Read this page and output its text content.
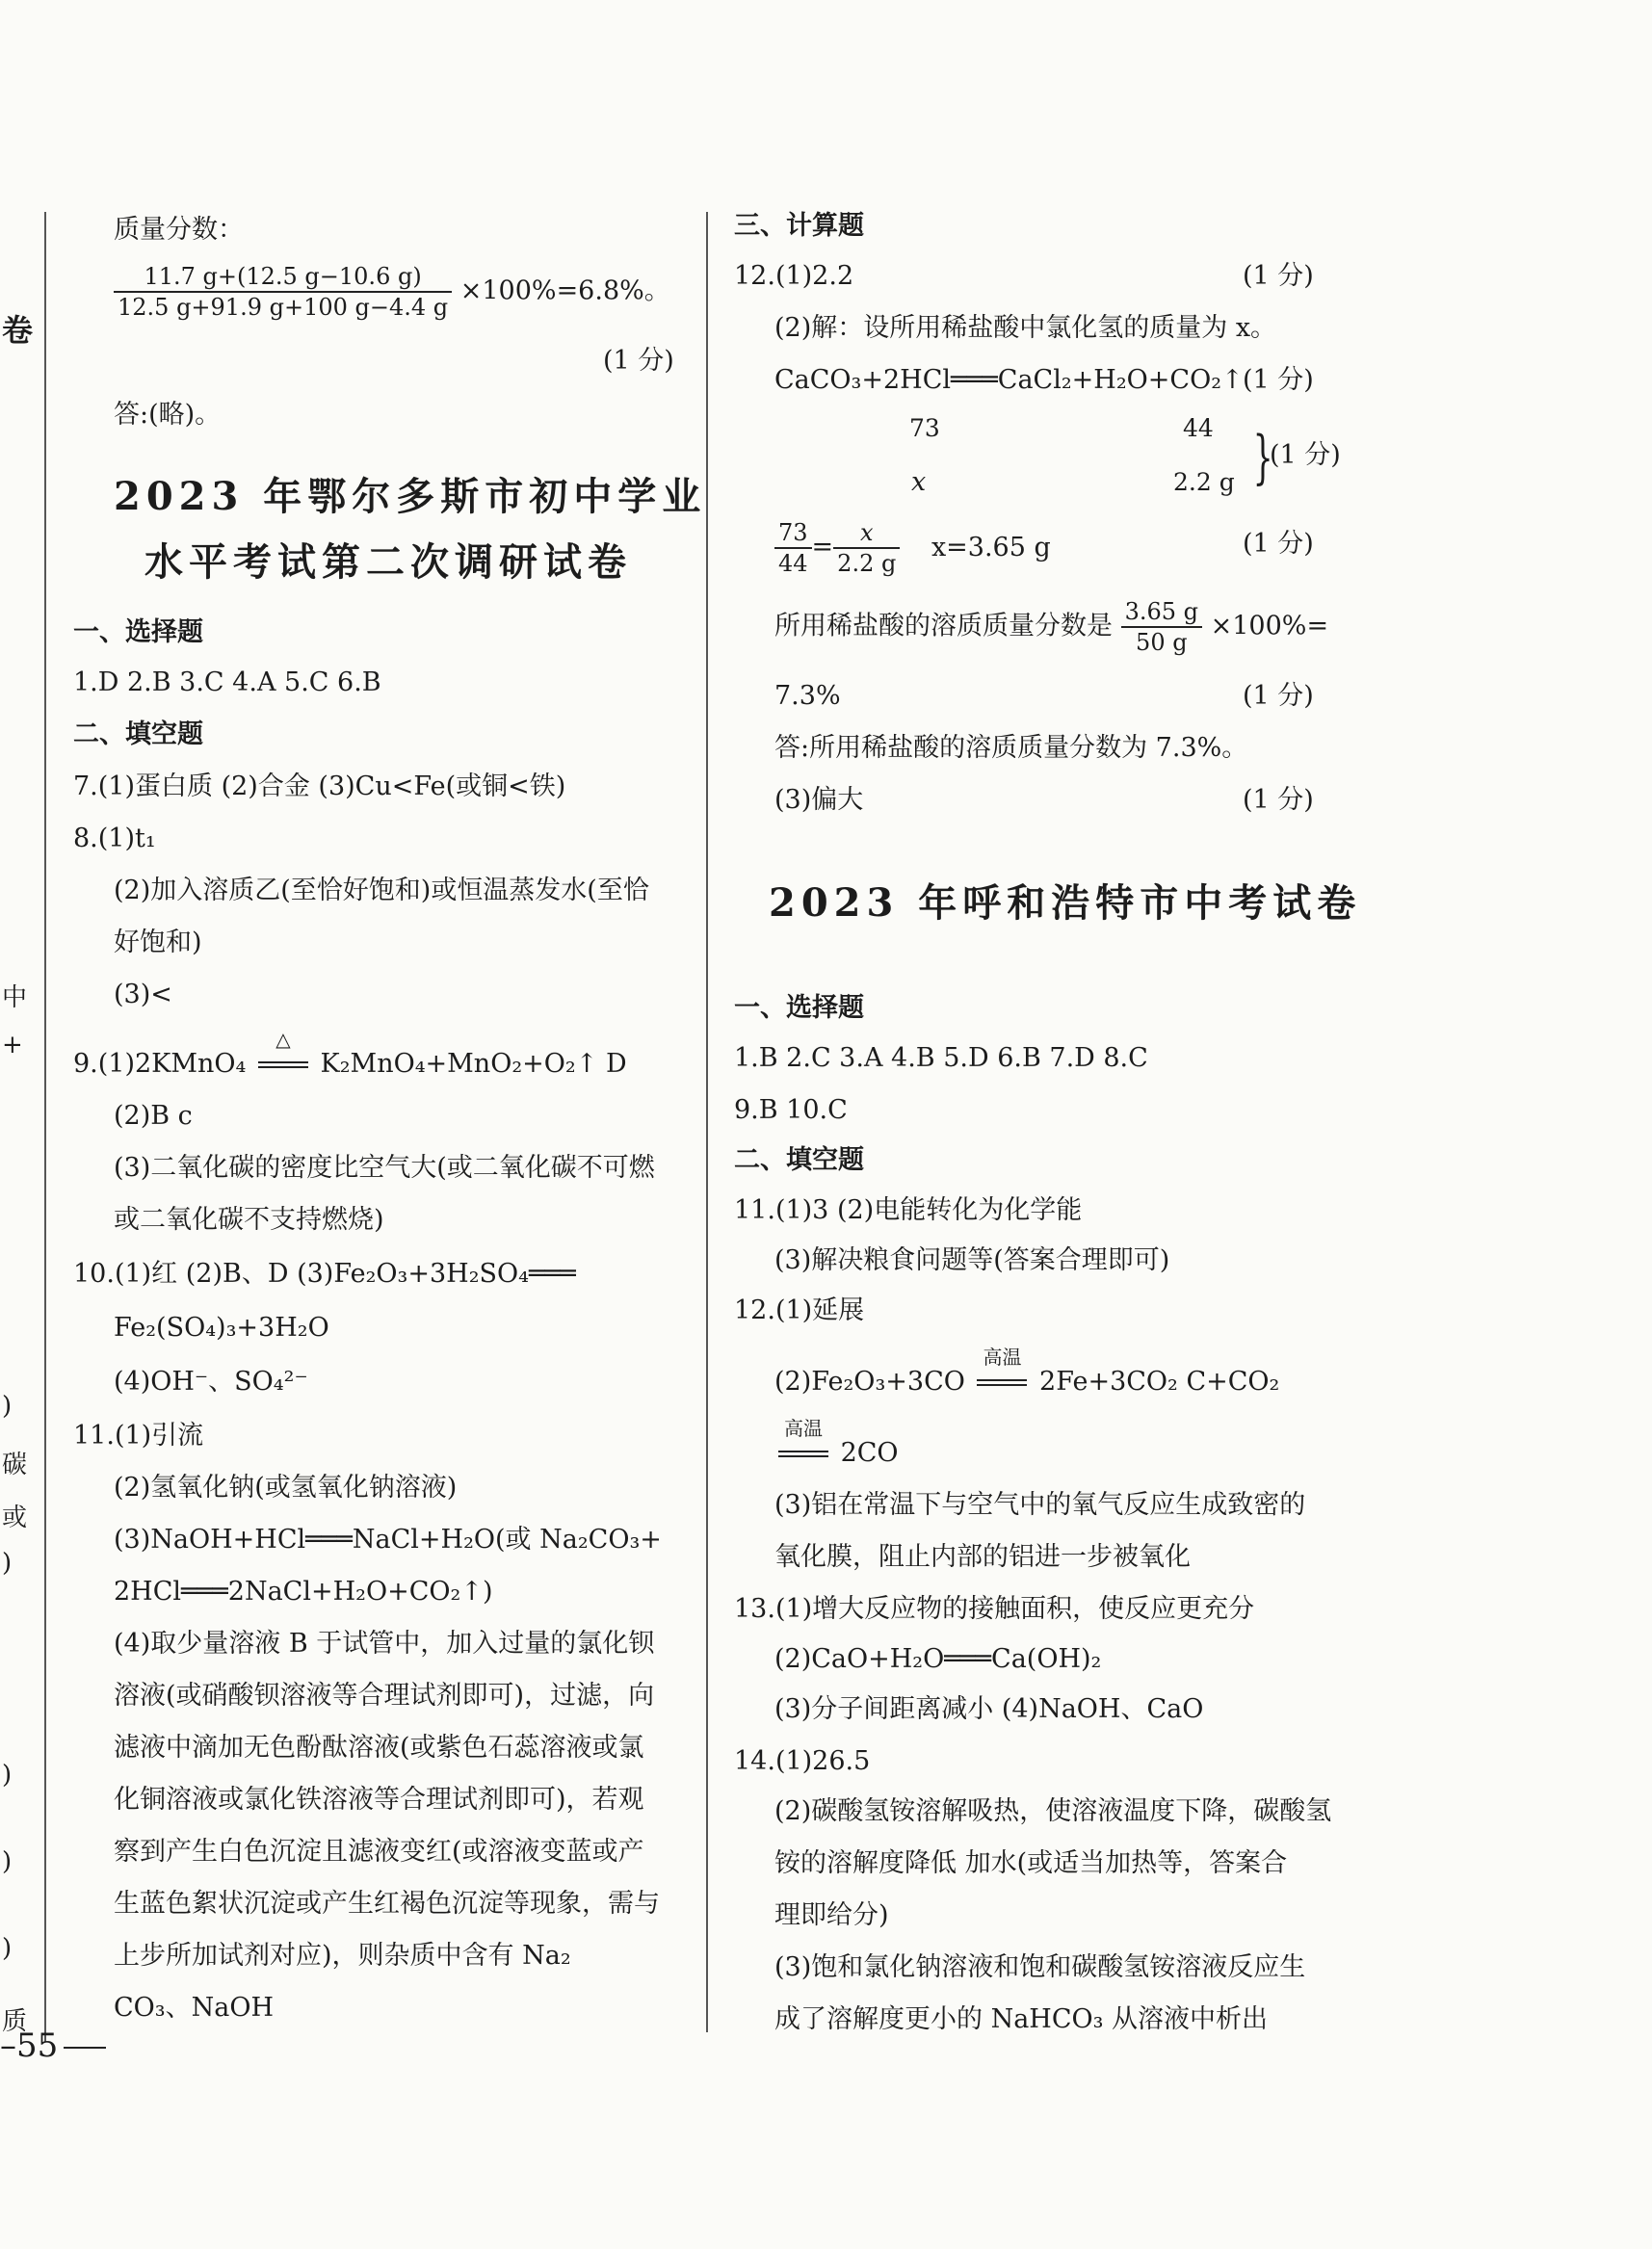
卷
中
+
)
碳
或
)
)
)
)
质
质量分数：
$\frac{11.7 g+(12.5 g-10.6 g)}{12.5 g+91.9 g+100 g-4.4 g} \times 100\%=6.8\%$。
(1 分)
答:(略)。
2023 年鄂尔多斯市初中学业
水平考试第二次调研试卷
一、选择题
1.D 2.B 3.C 4.A 5.C 6.B
二、填空题
7.(1)蛋白质 (2)合金 (3)Cu<Fe(或铜<铁)
8.(1)t₁
(2)加入溶质乙(至恰好饱和)或恒温蒸发水(至恰
好饱和)
(3)<
9.(1)2KMnO₄
△
K₂MnO₄+MnO₂+O₂↑ D
(2)B c
(3)二氧化碳的密度比空气大(或二氧化碳不可燃
或二氧化碳不支持燃烧)
10.(1)红 (2)B、D (3)Fe₂O₃+3H₂SO₄═══
Fe₂(SO₄)₃+3H₂O
(4)OH⁻、SO₄²⁻
11.(1)引流
(2)氢氧化钠(或氢氧化钠溶液)
(3)NaOH+HCl═══NaCl+H₂O(或 Na₂CO₃+
2HCl═══2NaCl+H₂O+CO₂↑)
(4)取少量溶液 B 于试管中，加入过量的氯化钡
溶液(或硝酸钡溶液等合理试剂即可)，过滤，向
滤液中滴加无色酚酞溶液(或紫色石蕊溶液或氯
化铜溶液或氯化铁溶液等合理试剂即可)，若观
察到产生白色沉淀且滤液变红(或溶液变蓝或产
生蓝色絮状沉淀或产生红褐色沉淀等现象，需与
上步所加试剂对应)，则杂质中含有 Na₂
CO₃、NaOH
三、计算题
12.(1)2.2	(1 分)
(2)解：设所用稀盐酸中氯化氢的质量为 x。
CaCO₃+2HCl═══CaCl₂+H₂O+CO₂↑ (1 分)
73	44
x	2.2 g }
(1 分)
$\frac{73}{44} = \frac{x}{2.2 g} x=3.65$ g	(1 分)
所用稀盐酸的溶质质量分数是 $\frac{3.65 g}{50 g} \times 100\%=$
7.3%	(1 分)
答:所用稀盐酸的溶质质量分数为 7.3%。
(3)偏大	(1 分)
2023 年呼和浩特市中考试卷
一、选择题
1.B 2.C 3.A 4.B 5.D 6.B 7.D 8.C
9.B 10.C
二、填空题
11.(1)3 (2)电能转化为化学能
(3)解决粮食问题等(答案合理即可)
12.(1)延展
(2)Fe₂O₃+3CO
高温
2Fe+3CO₂ C+CO₂
高温
2CO
(3)铝在常温下与空气中的氧气反应生成致密的
氧化膜，阻止内部的铝进一步被氧化
13.(1)增大反应物的接触面积，使反应更充分
(2)CaO+H₂O═══Ca(OH)₂
(3)分子间距离减小 (4)NaOH、CaO
14.(1)26.5
(2)碳酸氢铵溶解吸热，使溶液温度下降，碳酸氢
铵的溶解度降低 加水(或适当加热等，答案合
理即给分)
(3)饱和氯化钠溶液和饱和碳酸氢铵溶液反应生
成了溶解度更小的 NaHCO₃ 从溶液中析出
–55
